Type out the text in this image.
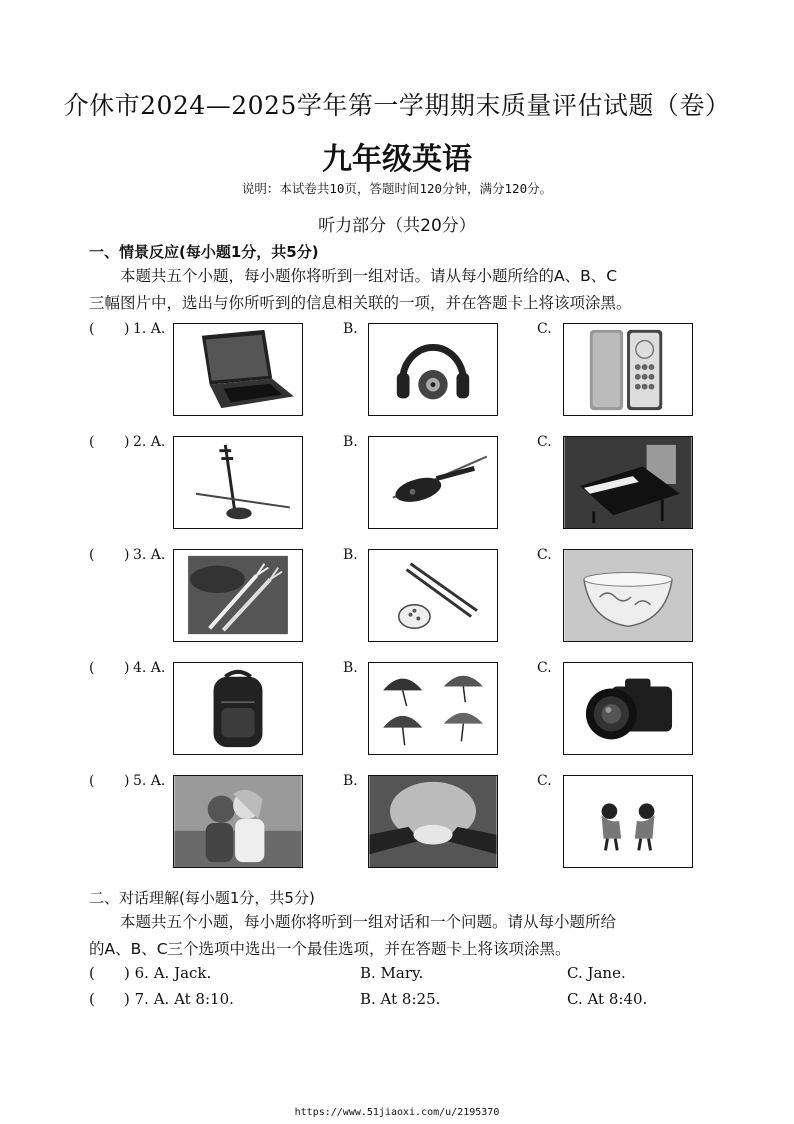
介休市2024—2025学年第一学期期末质量评估试题（卷）
九年级英语
说明：本试卷共10页，答题时间120分钟，满分120分。
听力部分（共20分）
一、情景反应(每小题1分，共5分)
本题共五个小题，每小题你将听到一组对话。请从每小题所给的A、B、C
三幅图片中，选出与你所听到的信息相关联的一项，并在答题卡上将该项涂黑。
( ) 1. A.	B.	C.
( ) 2. A.	B.	C.
( ) 3. A.	B.	C.
( ) 4. A.	B.	C.
( ) 5. A.	B.	C.
二、对话理解(每小题1分，共5分)
本题共五个小题，每小题你将听到一组对话和一个问题。请从每小题所给
的A、B、C三个选项中选出一个最佳选项，并在答题卡上将该项涂黑。
( ) 6. A. Jack.	B. Mary.	C. Jane.
( ) 7. A. At 8:10.	B. At 8:25.	C. At 8:40.
https://www.51jiaoxi.com/u/2195370
